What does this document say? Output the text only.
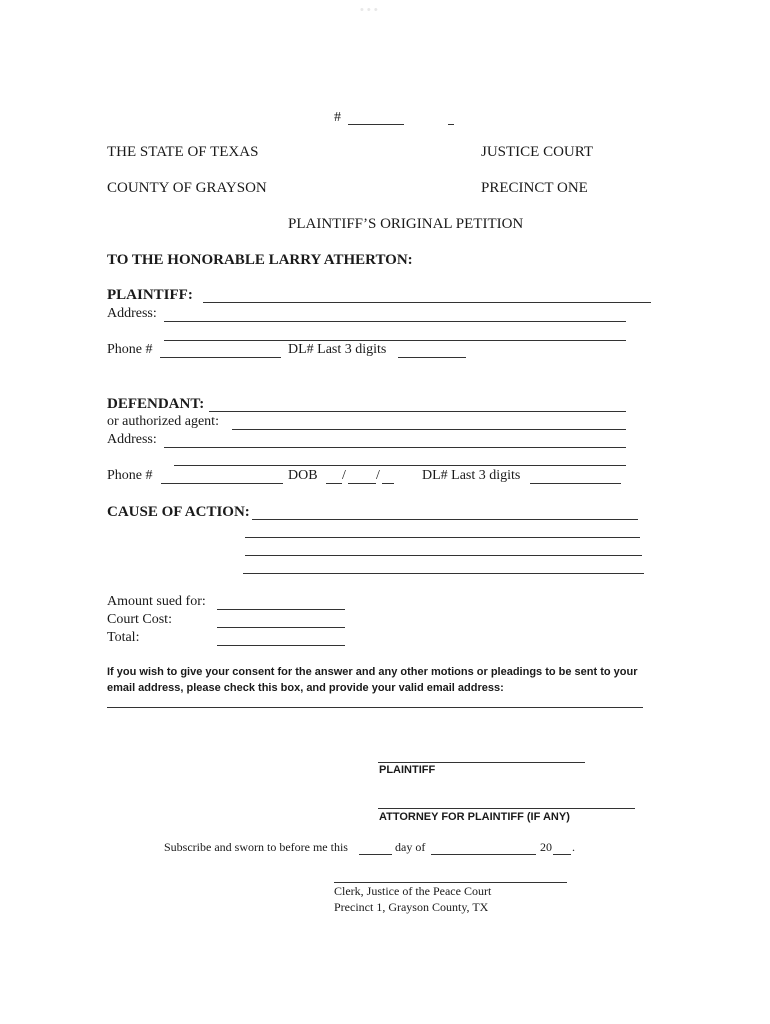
• • •
#
THE STATE OF TEXAS	JUSTICE COURT
COUNTY OF GRAYSON	PRECINCT ONE
PLAINTIFF’S ORIGINAL PETITION
TO THE HONORABLE LARRY ATHERTON:
PLAINTIFF:
Address:
Phone #	DL# Last 3 digits
DEFENDANT:
or authorized agent:
Address:
Phone #	DOB / /	DL# Last 3 digits
CAUSE OF ACTION:
Amount sued for:
Court Cost:
Total:
If you wish to give your consent for the answer and any other motions or pleadings to be sent to your
email address, please check this box, and provide your valid email address:
PLAINTIFF
ATTORNEY FOR PLAINTIFF (IF ANY)
Subscribe and sworn to before me this	day of	20 .
Clerk, Justice of the Peace Court
Precinct 1, Grayson County, TX
